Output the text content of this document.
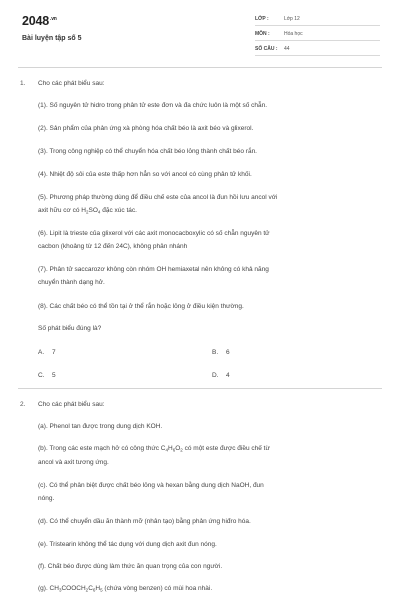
$2048^{.vn}$
Bài luyện tập số 5
LỚP :	Lớp 12
MÔN :	Hóa học
SỐ CÂU : 44
1. Cho các phát biểu sau:
(1). Số nguyên tử hidro trong phân tử este đơn và đa chức luôn là một số chẵn.
(2). Sản phẩm của phản ứng xà phòng hóa chất béo là axit béo và glixerol.
(3). Trong công nghiệp có thể chuyển hóa chất béo lỏng thành chất béo rắn.
(4). Nhiệt độ sôi của este thấp hơn hẳn so với ancol có cùng phân tử khối.
(5). Phương pháp thường dùng để điều chế este của ancol là đun hồi lưu ancol với
axit hữu cơ có $H_2SO_4$ đặc xúc tác.
(6). Lipit là trieste của glixerol với các axit monocacboxylic có số chẵn nguyên tử
cacbon (khoảng từ 12 đến 24C), không phân nhánh
(7). Phân tử saccarozơ không còn nhóm OH hemiaxetal nên không có khả năng
chuyển thành dạng hở.
(8). Các chất béo có thể tồn tại ở thể rắn hoặc lỏng ở điều kiện thường.
Số phát biểu đúng là?
A. 7	B. 6
C. 5	D. 4
2. Cho các phát biểu sau:
(a). Phenol tan được trong dung dịch KOH.
(b). Trong các este mạch hở có công thức $C_4H_6O_2$ có một este được điều chế từ
ancol và axit tương ứng.
(c). Có thể phân biệt được chất béo lỏng và hexan bằng dung dịch NaOH, đun
nóng.
(d). Có thể chuyển dầu ăn thành mỡ (nhân tạo) bằng phản ứng hiđro hóa.
(e). Tristearin không thể tác dụng với dung dịch axit đun nóng.
(f). Chất béo được dùng làm thức ăn quan trọng của con người.
(g). $CH_3COOCH_2C_6H_5$ (chứa vòng benzen) có mùi hoa nhài.
